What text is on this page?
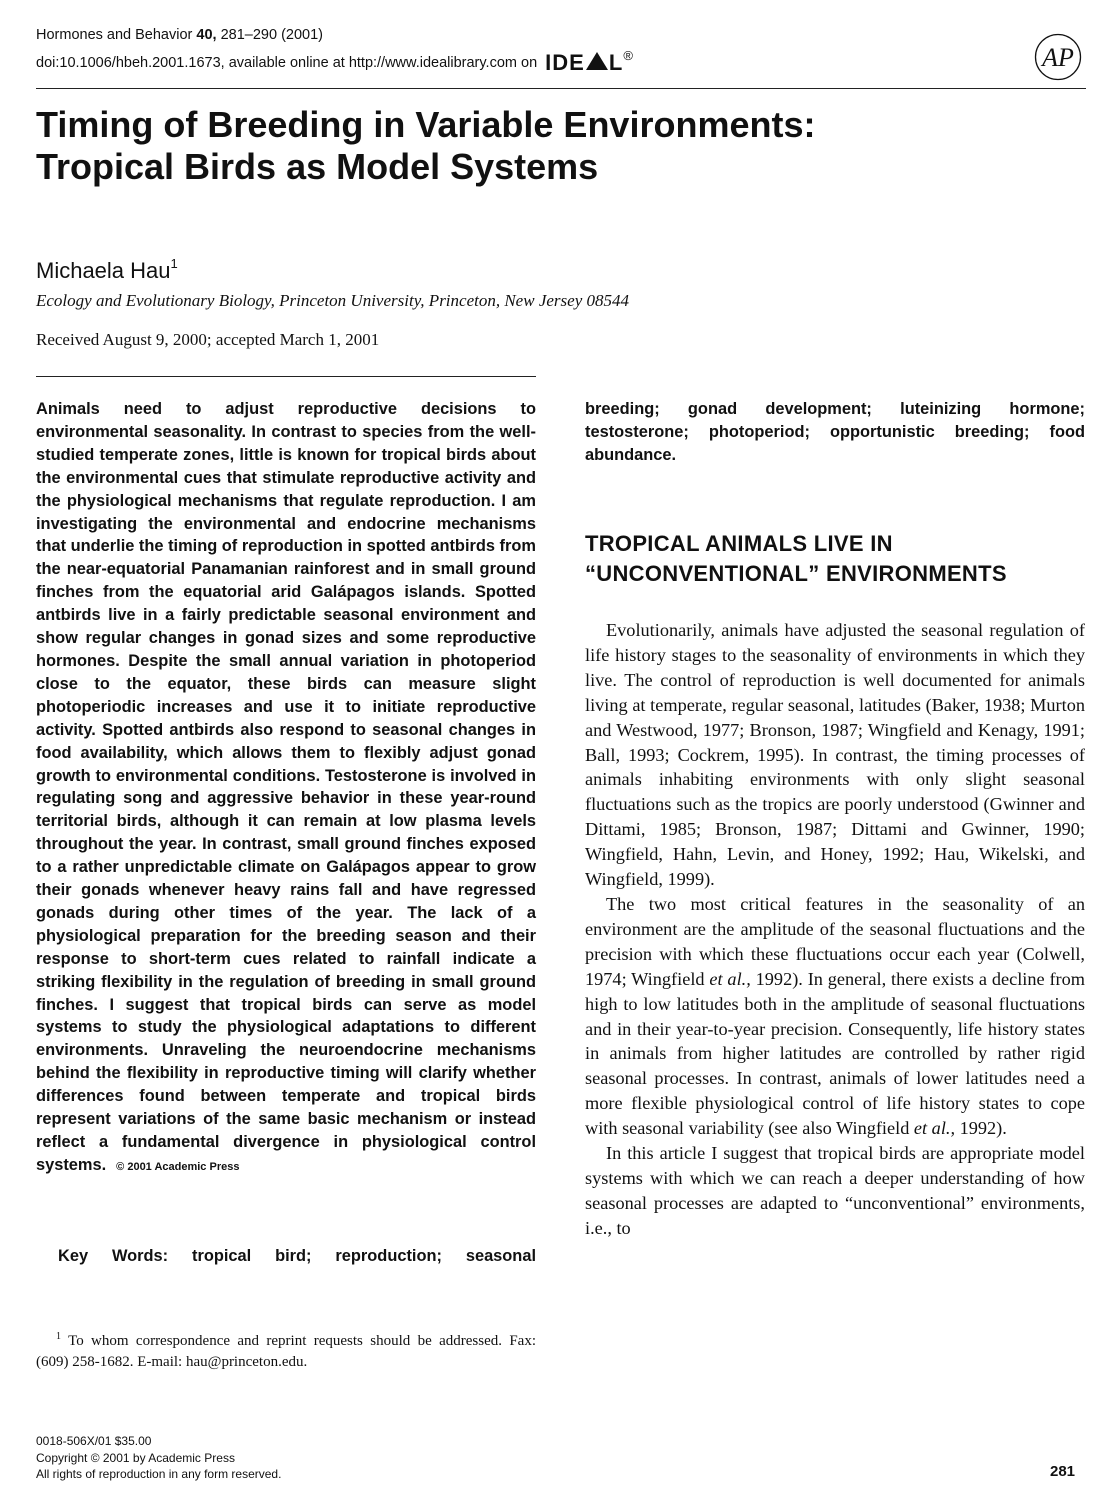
Hormones and Behavior 40, 281–290 (2001)
doi:10.1006/hbeh.2001.1673, available online at http://www.idealibrary.com on IDE L®	AP
Timing of Breeding in Variable Environments:
Tropical Birds as Model Systems
Michaela Hau$^1$
Ecology and Evolutionary Biology, Princeton University, Princeton, New Jersey 08544
Received August 9, 2000; accepted March 1, 2001
Animals need to adjust reproductive decisions to environmental seasonality. In contrast to species from the well-studied temperate zones, little is known for tropical birds about the environmental cues that stimulate reproductive activity and the physiological mechanisms that regulate reproduction. I am investigating the environmental and endocrine mechanisms that underlie the timing of reproduction in spotted antbirds from the near-equatorial Panamanian rainforest and in small ground finches from the equatorial arid Galápagos islands. Spotted antbirds live in a fairly predictable seasonal environment and show regular changes in gonad sizes and some reproductive hormones. Despite the small annual variation in photoperiod close to the equator, these birds can measure slight photoperiodic increases and use it to initiate reproductive activity. Spotted antbirds also respond to seasonal changes in food availability, which allows them to flexibly adjust gonad growth to environmental conditions. Testosterone is involved in regulating song and aggressive behavior in these year-round territorial birds, although it can remain at low plasma levels throughout the year. In contrast, small ground finches exposed to a rather unpredictable climate on Galápagos appear to grow their gonads whenever heavy rains fall and have regressed gonads during other times of the year. The lack of a physiological preparation for the breeding season and their response to short-term cues related to rainfall indicate a striking flexibility in the regulation of breeding in small ground finches. I suggest that tropical birds can serve as model systems to study the physiological adaptations to different environments. Unraveling the neuroendocrine mechanisms behind the flexibility in reproductive timing will clarify whether differences found between temperate and tropical birds represent variations of the same basic mechanism or instead reflect a fundamental divergence in physiological control systems. © 2001 Academic Press
Key Words: tropical bird; reproduction; seasonal
$^1$ To whom correspondence and reprint requests should be addressed. Fax: (609) 258-1682. E-mail: hau@princeton.edu.
0018-506X/01 $35.00
Copyright © 2001 by Academic Press
All rights of reproduction in any form reserved.
breeding; gonad development; luteinizing hormone; testosterone; photoperiod; opportunistic breeding; food abundance.
TROPICAL ANIMALS LIVE IN “UNCONVENTIONAL” ENVIRONMENTS

Evolutionarily, animals have adjusted the seasonal regulation of life history stages to the seasonality of environments in which they live. The control of reproduction is well documented for animals living at temperate, regular seasonal, latitudes (Baker, 1938; Murton and Westwood, 1977; Bronson, 1987; Wingfield and Kenagy, 1991; Ball, 1993; Cockrem, 1995). In contrast, the timing processes of animals inhabiting environments with only slight seasonal fluctuations such as the tropics are poorly understood (Gwinner and Dittami, 1985; Bronson, 1987; Dittami and Gwinner, 1990; Wingfield, Hahn, Levin, and Honey, 1992; Hau, Wikelski, and Wingfield, 1999).

The two most critical features in the seasonality of an environment are the amplitude of the seasonal fluctuations and the precision with which these fluctuations occur each year (Colwell, 1974; Wingfield et al., 1992). In general, there exists a decline from high to low latitudes both in the amplitude of seasonal fluctuations and in their year-to-year precision. Consequently, life history states in animals from higher latitudes are controlled by rather rigid seasonal processes. In contrast, animals of lower latitudes need a more flexible physiological control of life history states to cope with seasonal variability (see also Wingfield et al., 1992).

In this article I suggest that tropical birds are appropriate model systems with which we can reach a deeper understanding of how seasonal processes are adapted to “unconventional” environments, i.e., to

281
